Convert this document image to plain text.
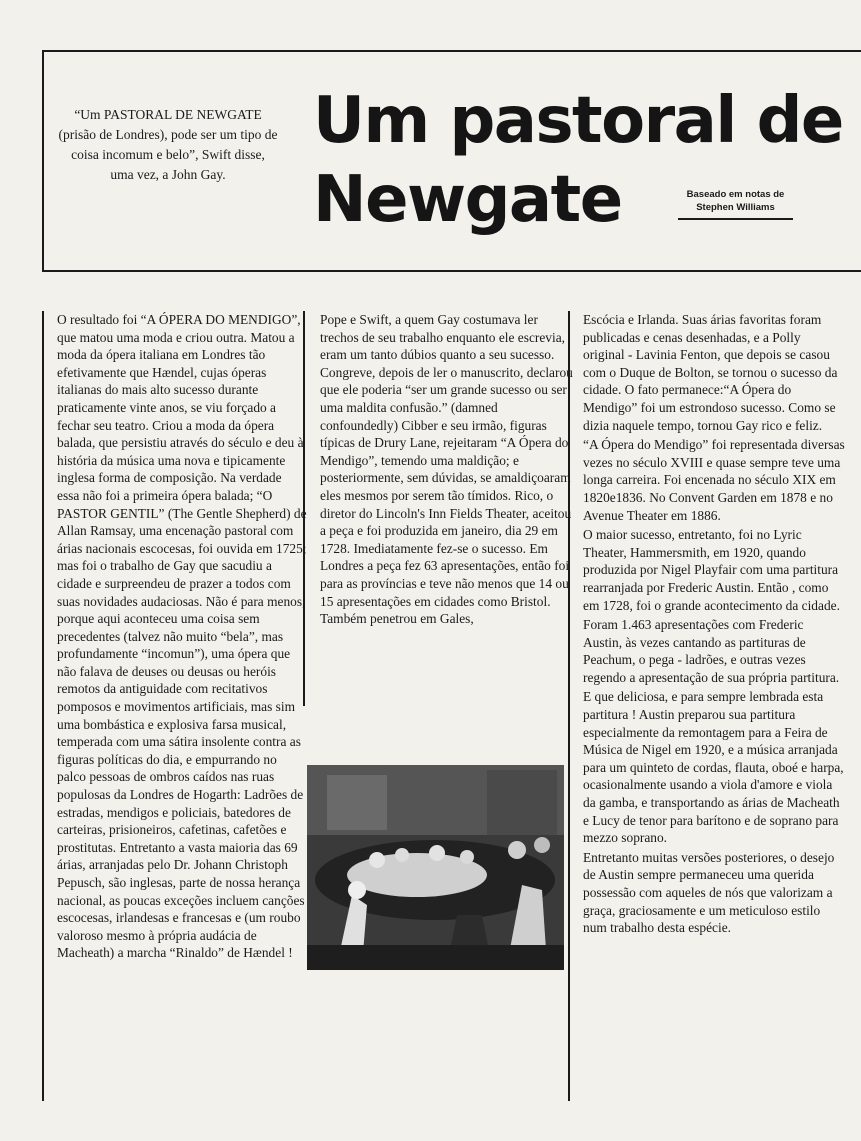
“Um PASTORAL DE NEWGATE (prisão de Londres), pode ser um tipo de coisa incomum e belo”, Swift disse, uma vez, a John Gay.
Um pastoral de
Newgate	Baseado em notas de
Stephen Williams

O resultado foi “A ÓPERA DO MENDIGO”, que matou uma moda e criou outra. Matou a moda da ópera italiana em Londres tão efetivamente que Hændel, cujas óperas italianas do mais alto sucesso durante praticamente vinte anos, se viu forçado a fechar seu teatro. Criou a moda da ópera balada, que persistiu através do século e deu à história da música uma nova e tipicamente inglesa forma de composição. Na verdade essa não foi a primeira ópera balada; “O PASTOR GENTIL” (The Gentle Shepherd) de Allan Ramsay, uma encenação pastoral com árias nacionais escocesas, foi ouvida em 1725; mas foi o trabalho de Gay que sacudiu a cidade e surpreendeu de prazer a todos com suas novidades audaciosas. Não é para menos, porque aqui aconteceu uma coisa sem precedentes (talvez não muito “bela”, mas profundamente “incomun”), uma ópera que não falava de deuses ou deusas ou heróis remotos da antiguidade com recitativos pomposos e movimentos artificiais, mas sim uma bombástica e explosiva farsa musical, temperada com uma sátira insolente contra as figuras políticas do dia, e empurrando no palco pessoas de ombros caídos nas ruas populosas da Londres de Hogarth: Ladrões de estradas, mendigos e policiais, batedores de carteiras, prisioneiros, cafetinas, cafetões e prostitutas. Entretanto a vasta maioria das 69 árias, arranjadas pelo Dr. Johann Christoph Pepusch, são inglesas, parte de nossa herança nacional, as poucas exceções incluem canções escocesas, irlandesas e francesas e (um roubo valoroso mesmo à própria audácia de Macheath) a marcha “Rinaldo” de Hændel !

Pope e Swift, a quem Gay costumava ler trechos de seu trabalho enquanto ele escrevia, eram um tanto dúbios quanto a seu sucesso. Congreve, depois de ler o manuscrito, declarou que ele poderia “ser um grande sucesso ou ser uma maldita confusão.” (damned confoundedly) Cibber e seu irmão, figuras típicas de Drury Lane, rejeitaram “A Ópera do Mendigo”, temendo uma maldição; e posteriormente, sem dúvidas, se amaldiçoaram eles mesmos por serem tão tímidos. Rico, o diretor do Lincoln's Inn Fields Theater, aceitou a peça e foi produzida em janeiro, dia 29 em 1728. Imediatamente fez-se o sucesso. Em Londres a peça fez 63 apresentações, então foi para as províncias e teve não menos que 14 ou 15 apresentações em cidades como Bristol. Também penetrou em Gales,

Escócia e Irlanda. Suas árias favoritas foram publicadas e cenas desenhadas, e a Polly original - Lavinia Fenton, que depois se casou com o Duque de Bolton, se tornou o sucesso da cidade. O fato permanece:“A Ópera do Mendigo” foi um estrondoso sucesso. Como se dizia naquele tempo, tornou Gay rico e feliz.

“A Ópera do Mendigo” foi representada diversas vezes no século XVIII e quase sempre teve uma longa carreira. Foi encenada no século XIX em 1820e1836. No Convent Garden em 1878 e no Avenue Theater em 1886.

O maior sucesso, entretanto, foi no Lyric Theater, Hammersmith, em 1920, quando produzida por Nigel Playfair com uma partitura rearranjada por Frederic Austin. Então , como em 1728, foi o grande acontecimento da cidade.

Foram 1.463 apresentações com Frederic Austin, às vezes cantando as partituras de Peachum, o pega - ladrões, e outras vezes regendo a apresentação de sua própria partitura.

E que deliciosa, e para sempre lembrada esta partitura ! Austin preparou sua partitura especialmente da remontagem para a Feira de Música de Nigel em 1920, e a música arranjada para um quinteto de cordas, flauta, oboé e harpa, ocasionalmente usando a viola d'amore e viola da gamba, e transportando as árias de Macheath e Lucy de tenor para barítono e de soprano para mezzo soprano.

Entretanto muitas versões posteriores, o desejo de Austin sempre permaneceu uma querida possessão com aqueles de nós que valorizam a graça, graciosamente e um meticuloso estilo num trabalho desta espécie.
